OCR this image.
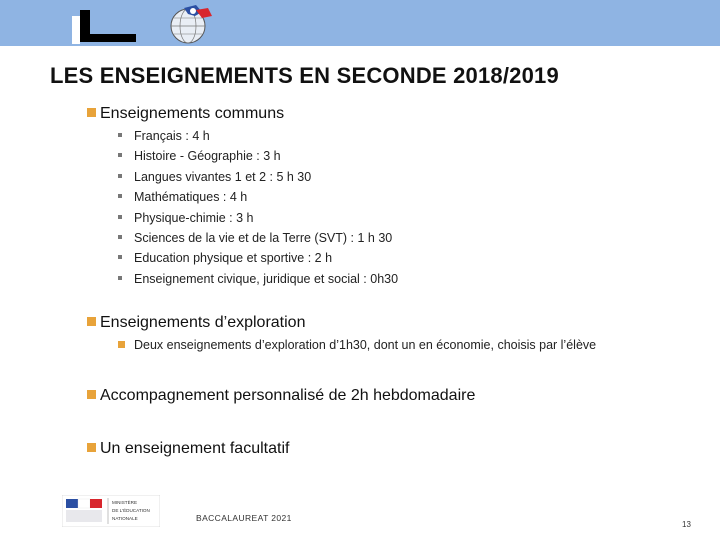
LES ENSEIGNEMENTS EN SECONDE 2018/2019
Enseignements communs
Français : 4 h
Histoire - Géographie : 3 h
Langues vivantes 1 et 2 : 5 h 30
Mathématiques : 4 h
Physique-chimie : 3 h
Sciences de la vie et de la Terre (SVT) : 1 h 30
Education physique et sportive : 2 h
Enseignement civique, juridique et social : 0h30
Enseignements d’exploration
Deux enseignements d’exploration d’1h30, dont un en économie, choisis par l’élève
Accompagnement personnalisé de 2h hebdomadaire
Un enseignement facultatif
MINISTÈRE
DE L'ÉDUCATION
NATIONALE	BACCALAUREAT 2021
13
